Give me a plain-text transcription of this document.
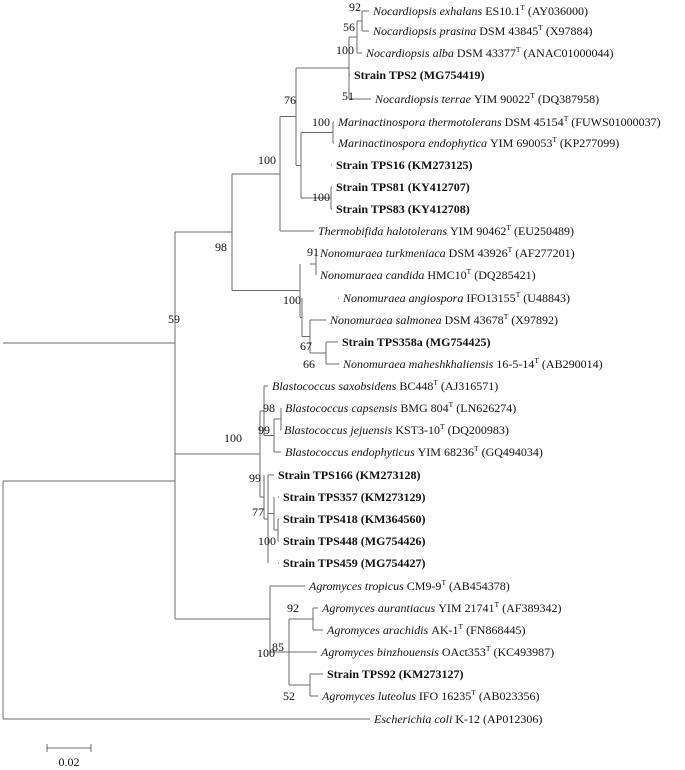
Nocardiopsis exhalans $ES10.1^T$ (AY036000)
Nocardiopsis prasina DSM $43845^T$ (X97884)
Nocardiopsis alba DSM $43377^T$ (ANAC01000044)
Strain TPS2 (MG754419)
Nocardiopsis terrae YIM $90022^T$ (DQ387958)
Marinactinospora thermotolerans DSM $45154^T$ (FUWS01000037)
Marinactinospora endophytica YIM $690053^T$ (KP277099)
Strain TPS16 (KM273125)
Strain TPS81 (KY412707)
Strain TPS83 (KY412708)
Thermobifida halotolerans YIM $90462^T$ (EU250489)
Nonomuraea turkmeniaca DSM $43926^T$ (AF277201)
Nonomuraea candida $HMC10^T$ (DQ285421)
Nonomuraea angiospora $IFO13155^T$ (U48843)
Nonomuraea salmonea DSM $43678^T$ (X97892)
Strain TPS358a (MG754425)
Nonomuraea maheshkhaliensis $16-5-14^T$ (AB290014)
Blastococcus saxobsidens $BC448^T$ (AJ316571)
Blastococcus capsensis BMG $804^T$ (LN626274)
Blastococcus jejuensis $KST3-10^T$ (DQ200983)
Blastococcus endophyticus YIM $68236^T$ (GQ494034)
Strain TPS166 (KM273128)
Strain TPS357 (KM273129)
Strain TPS418 (KM364560)
Strain TPS448 (MG754426)
Strain TPS459 (MG754427)
Agromyces tropicus $CM9-9^T$ (AB454378)
Agromyces aurantiacus YIM $21741^T$ (AF389342)
Agromyces arachidis $AK-1^T$ (FN868445)
Agromyces binzhouensis $OAct353^T$ (KC493987)
Strain TPS92 (KM273127)
Agromyces luteolus IFO $16235^T$ (AB023356)
Escherichia coli K-12 (AP012306)
92
56
100
51
76
100
100
100
98	91
100
67
66
59
98
99
100
99
77
100
92
100
85
52
0.02
